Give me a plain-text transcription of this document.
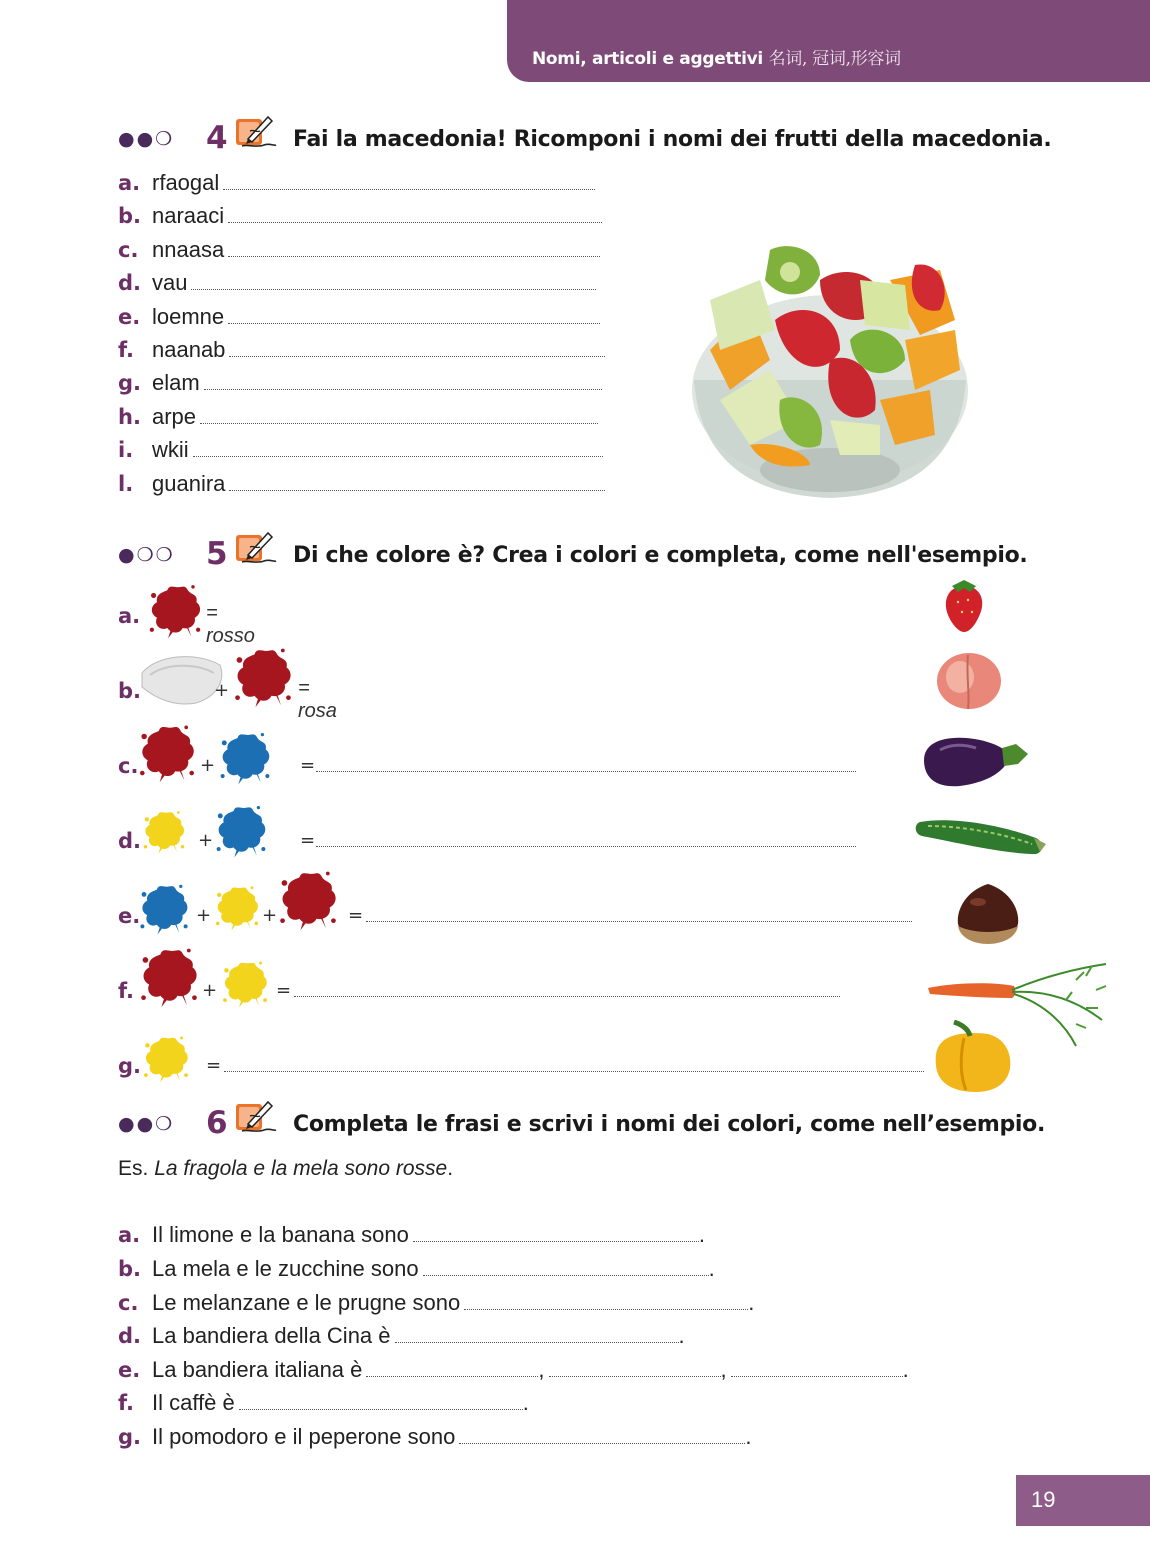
Nomi, articoli e aggettivi 名词, 冠词,形容词
●●❍ 4	Fai la macedonia! Ricomponi i nomi dei frutti della macedonia.
a. rfaogal
b. naraaci
c. nnaasa
d. vau
e. loemne
f. naanab
g. elam
h. arpe
i. wkii
l. guanira
●❍❍ 5	Di che colore è? Crea i colori e completa, come nell'esempio.
a.	= rosso
b.	+	= rosa
c.	+	=
d.	+	=
e.	+	+	=
f.	+	=
g.	=
●●❍ 6	Completa le frasi e scrivi i nomi dei colori, come nell’esempio.
Es. La fragola e la mela sono rosse.
a. Il limone e la banana sono	.
b. La mela e le zucchine sono	.
c. Le melanzane e le prugne sono	.
d. La bandiera della Cina è	.
e. La bandiera italiana è	,	,	.
f. Il caffè è	.
g. Il pomodoro e il peperone sono	.
19
